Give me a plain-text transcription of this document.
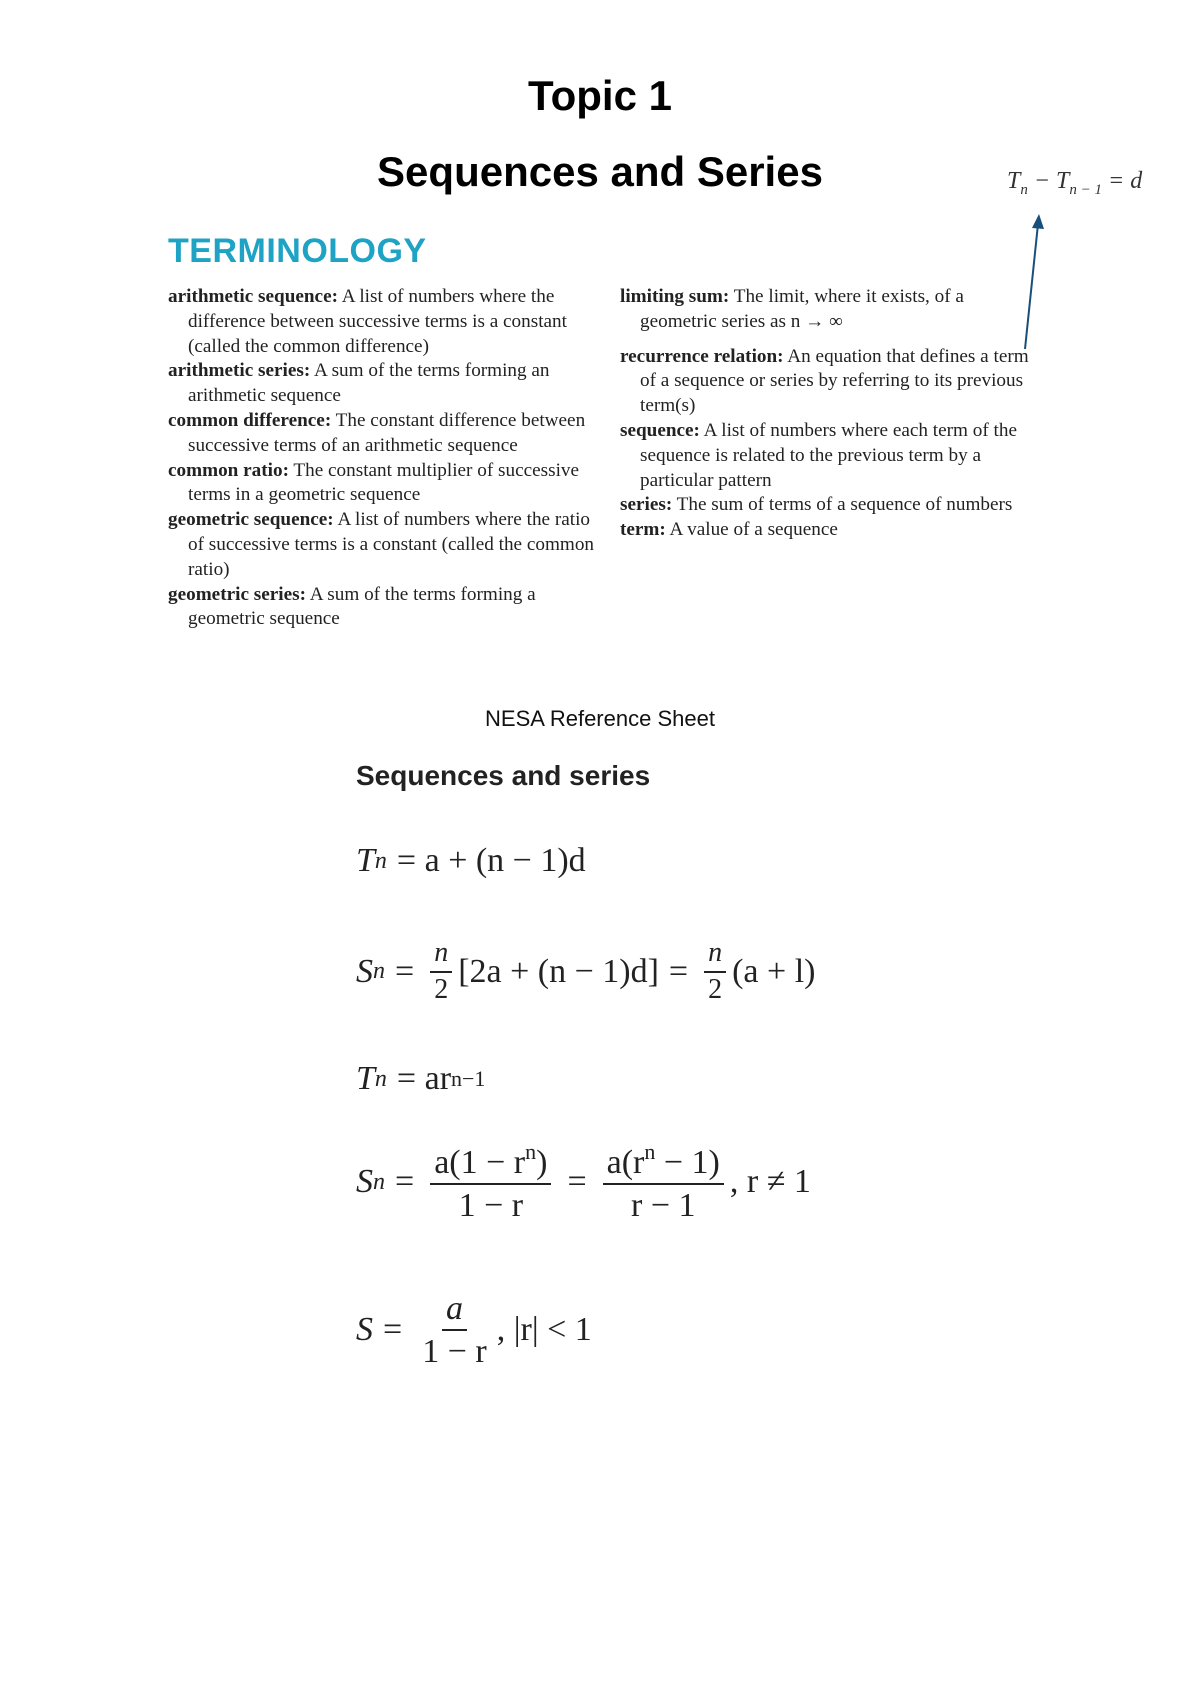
Topic 1
Sequences and Series	$T_n - T_{n - 1} = d$
TERMINOLOGY
arithmetic sequence: A list of numbers where the difference between successive terms is a constant (called the common difference)
arithmetic series: A sum of the terms forming an arithmetic sequence
common difference: The constant difference between successive terms of an arithmetic sequence
common ratio: The constant multiplier of successive terms in a geometric sequence
geometric sequence: A list of numbers where the ratio of successive terms is a constant (called the common ratio)
geometric series: A sum of the terms forming a geometric sequence
limiting sum: The limit, where it exists, of a geometric series as n → ∞
recurrence relation: An equation that defines a term of a sequence or series by referring to its previous term(s)
sequence: A list of numbers where each term of the sequence is related to the previous term by a particular pattern
series: The sum of terms of a sequence of numbers
term: A value of a sequence
NESA Reference Sheet
Sequences and series
T n = a + (n − 1)d
S $n = \frac{n}{2} [2a + (n - 1)d] = \frac{n}{2} (a + l)$
T n = ar n−1
S $n = \frac{a(1 - r^n)}{1 - r} = \frac{a(r^n - 1)}{r - 1}$ , r ≠ 1
$S = \frac{a}{1 - r}$ , |r| < 1
